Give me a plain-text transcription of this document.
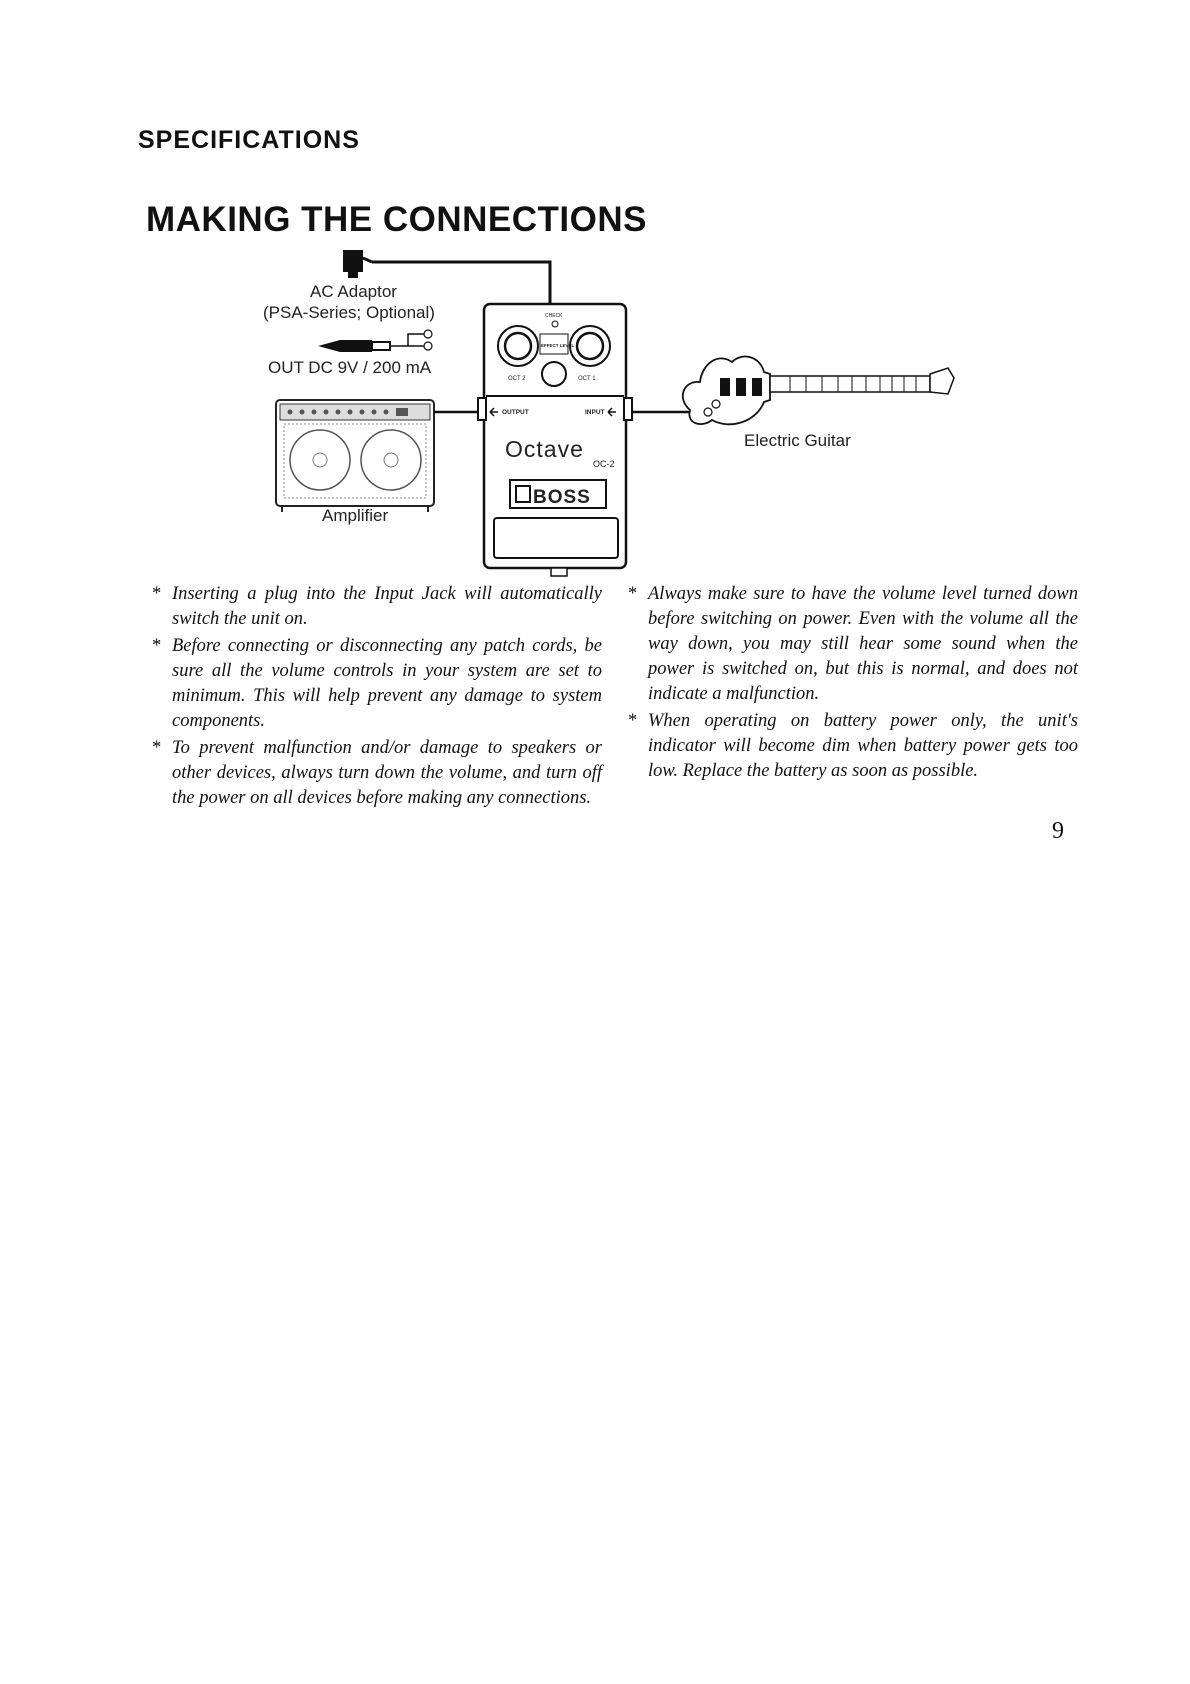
SPECIFICATIONS
MAKING THE CONNECTIONS
AC Adaptor
(PSA-Series; Optional)
OUT DC 9V / 200 mA
Amplifier
CHECK
EFFECT LEVEL
OCT 2	OCT 1
OUTPUT	INPUT
Octave
OC-2
BOSS
Electric Guitar
* Inserting a plug into the Input Jack will automatically switch the unit on.
* Before connecting or disconnecting any patch cords, be sure all the volume controls in your system are set to minimum. This will help prevent any damage to system components.
* To prevent malfunction and/or damage to speakers or other devices, always turn down the volume, and turn off the power on all devices before making any connections.
* Always make sure to have the volume level turned down before switching on power. Even with the volume all the way down, you may still hear some sound when the power is switched on, but this is normal, and does not indicate a malfunction.
* When operating on battery power only, the unit's indicator will become dim when battery power gets too low. Replace the battery as soon as possible.
9
